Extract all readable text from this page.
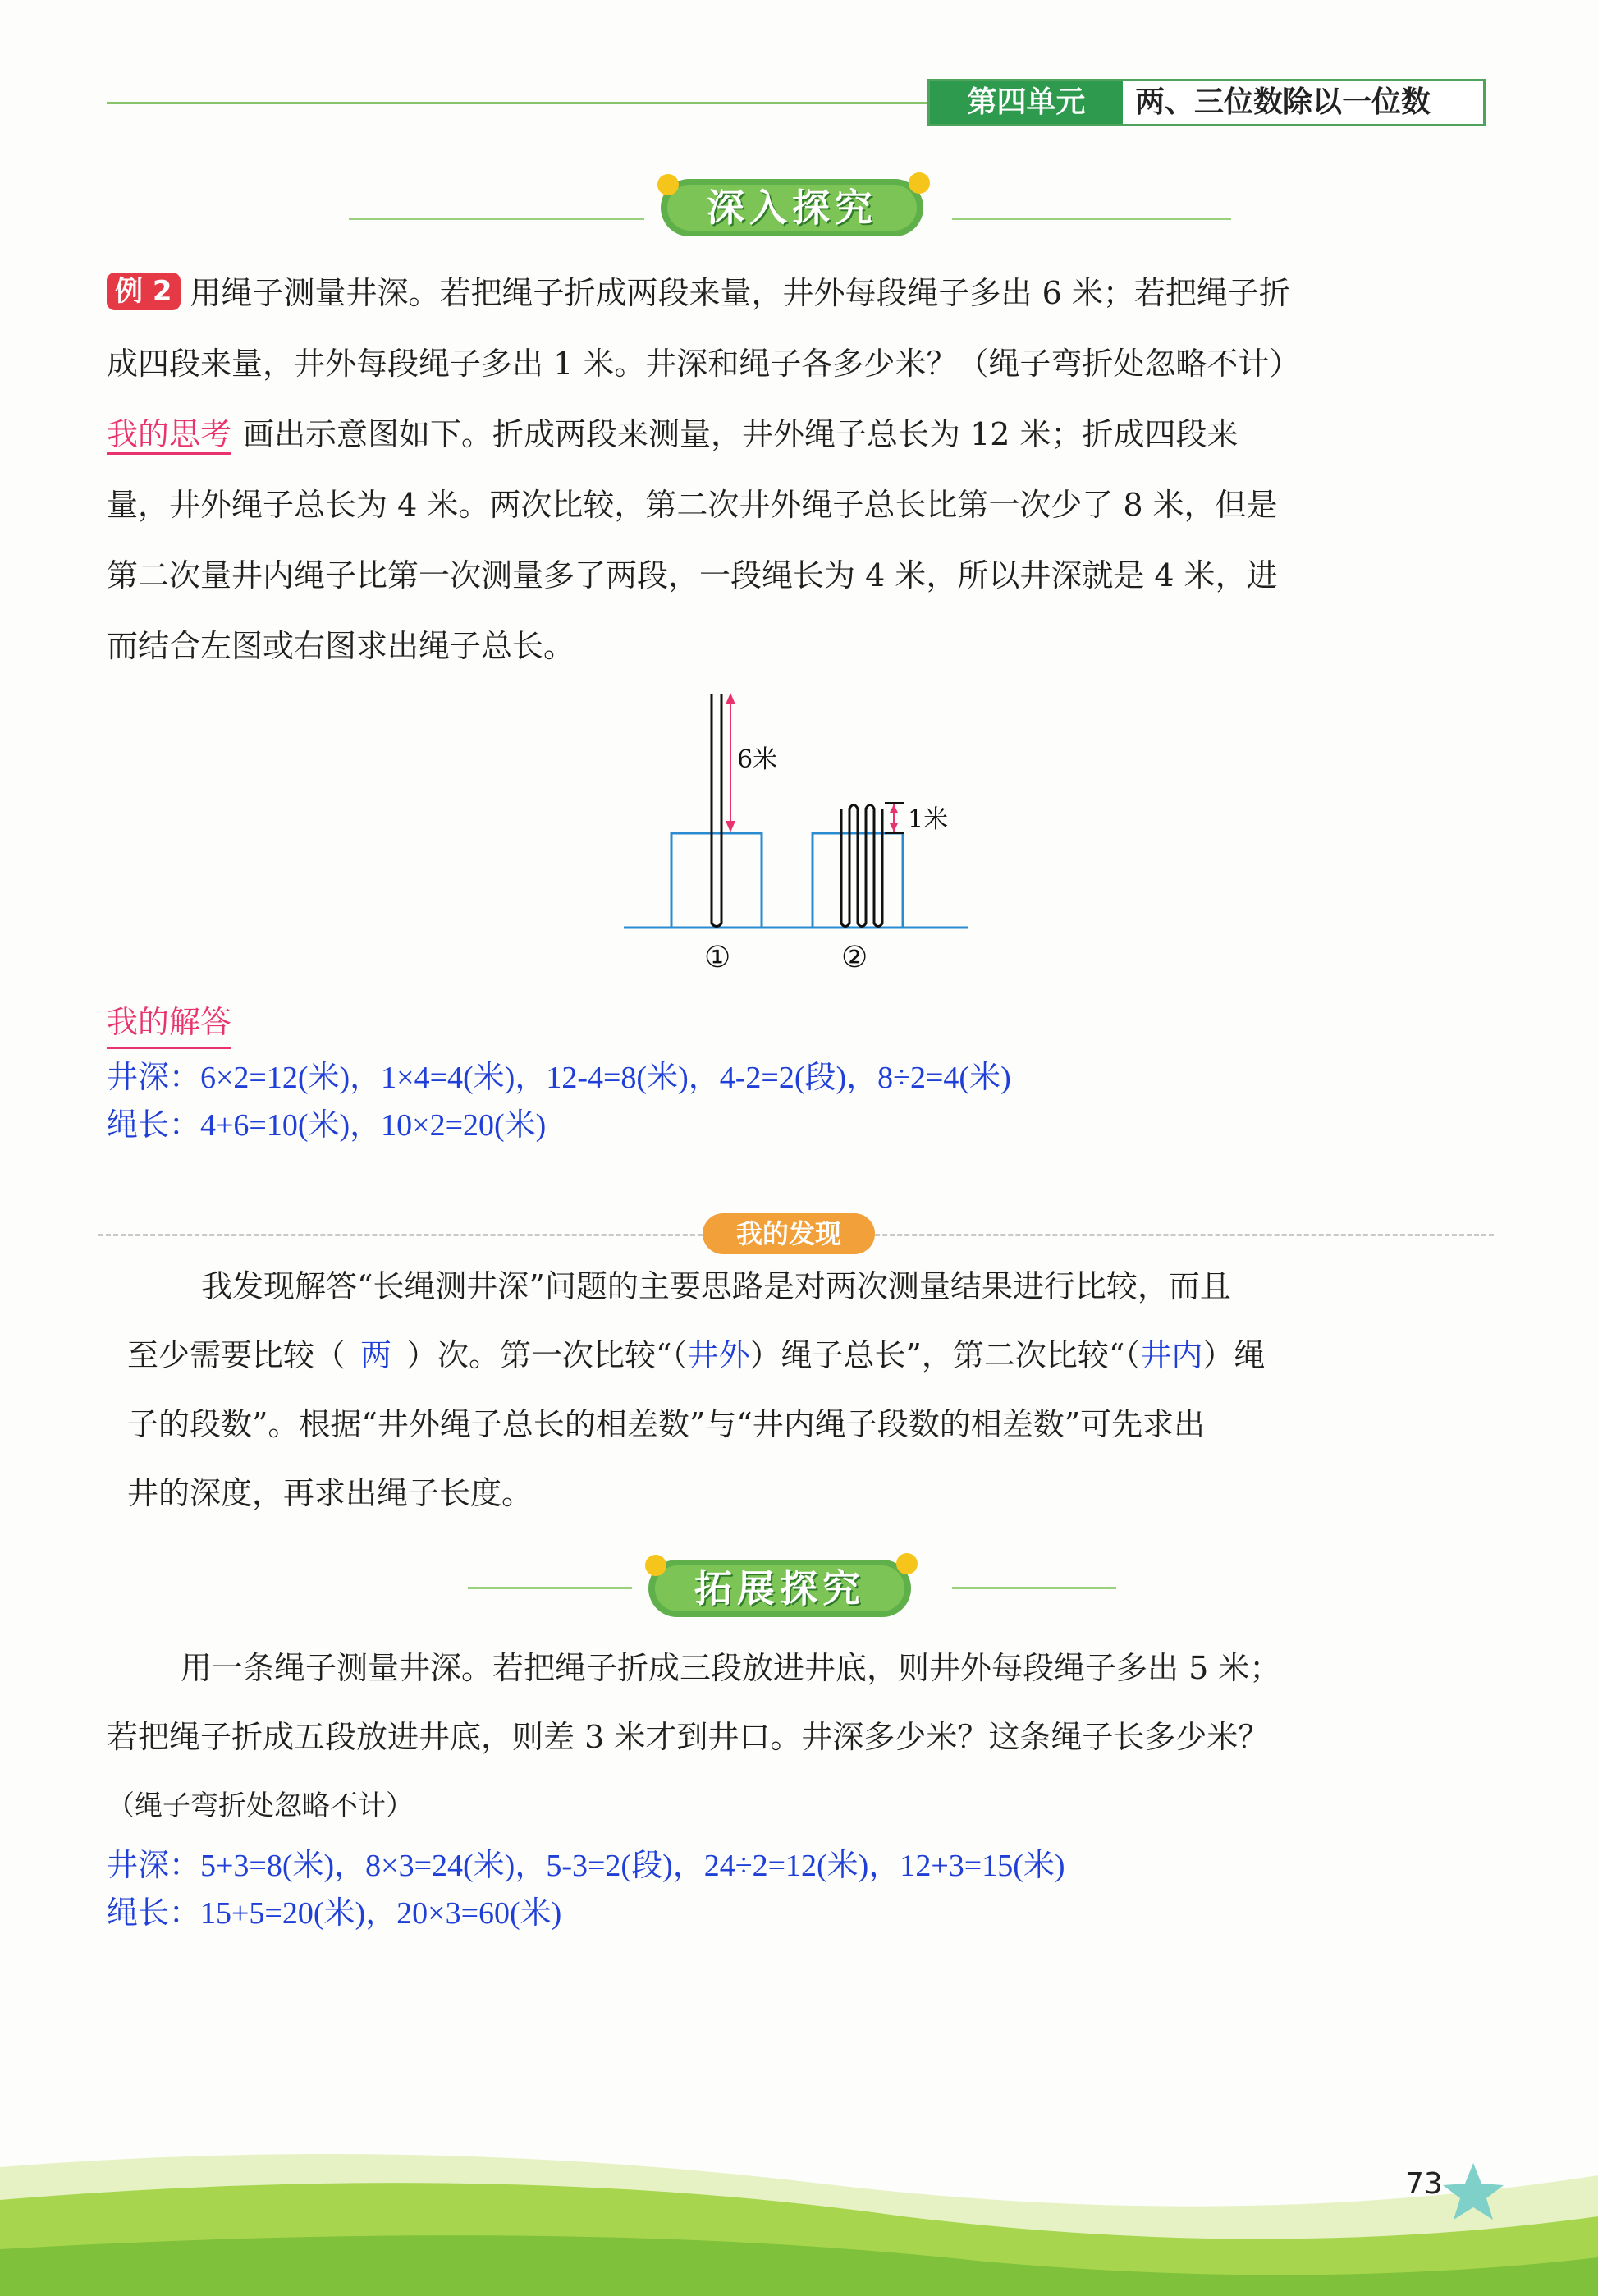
第四单元	两、三位数除以一位数
深入探究

例 2 用绳子测量井深。若把绳子折成两段来量，井外每段绳子多出 6 米；若把绳子折

成四段来量，井外每段绳子多出 1 米。井深和绳子各多少米？（绳子弯折处忽略不计）

我的思考 画出示意图如下。折成两段来测量，井外绳子总长为 12 米；折成四段来

量，井外绳子总长为 4 米。两次比较，第二次井外绳子总长比第一次少了 8 米，但是

第二次量井内绳子比第一次测量多了两段，一段绳长为 4 米，所以井深就是 4 米，进

而结合左图或右图求出绳子总长。

6米
1米
①	②
我的解答
井深：6×2=12(米)，1×4=4(米)，12-4=8(米)，4-2=2(段)，8÷2=4(米)
绳长：4+6=10(米)，10×2=20(米)
我的发现

我发现解答“长绳测井深”问题的主要思路是对两次测量结果进行比较，而且

至少需要比较（ 两 ）次。第一次比较“（井外）绳子总长”，第二次比较“（井内）绳

子的段数”。根据“井外绳子总长的相差数”与“井内绳子段数的相差数”可先求出

井的深度，再求出绳子长度。

拓展探究

用一条绳子测量井深。若把绳子折成三段放进井底，则井外每段绳子多出 5 米；

若把绳子折成五段放进井底，则差 3 米才到井口。井深多少米？这条绳子长多少米？

（绳子弯折处忽略不计）
井深：5+3=8(米)，8×3=24(米)，5-3=2(段)，24÷2=12(米)，12+3=15(米)
绳长：15+5=20(米)，20×3=60(米)
73
